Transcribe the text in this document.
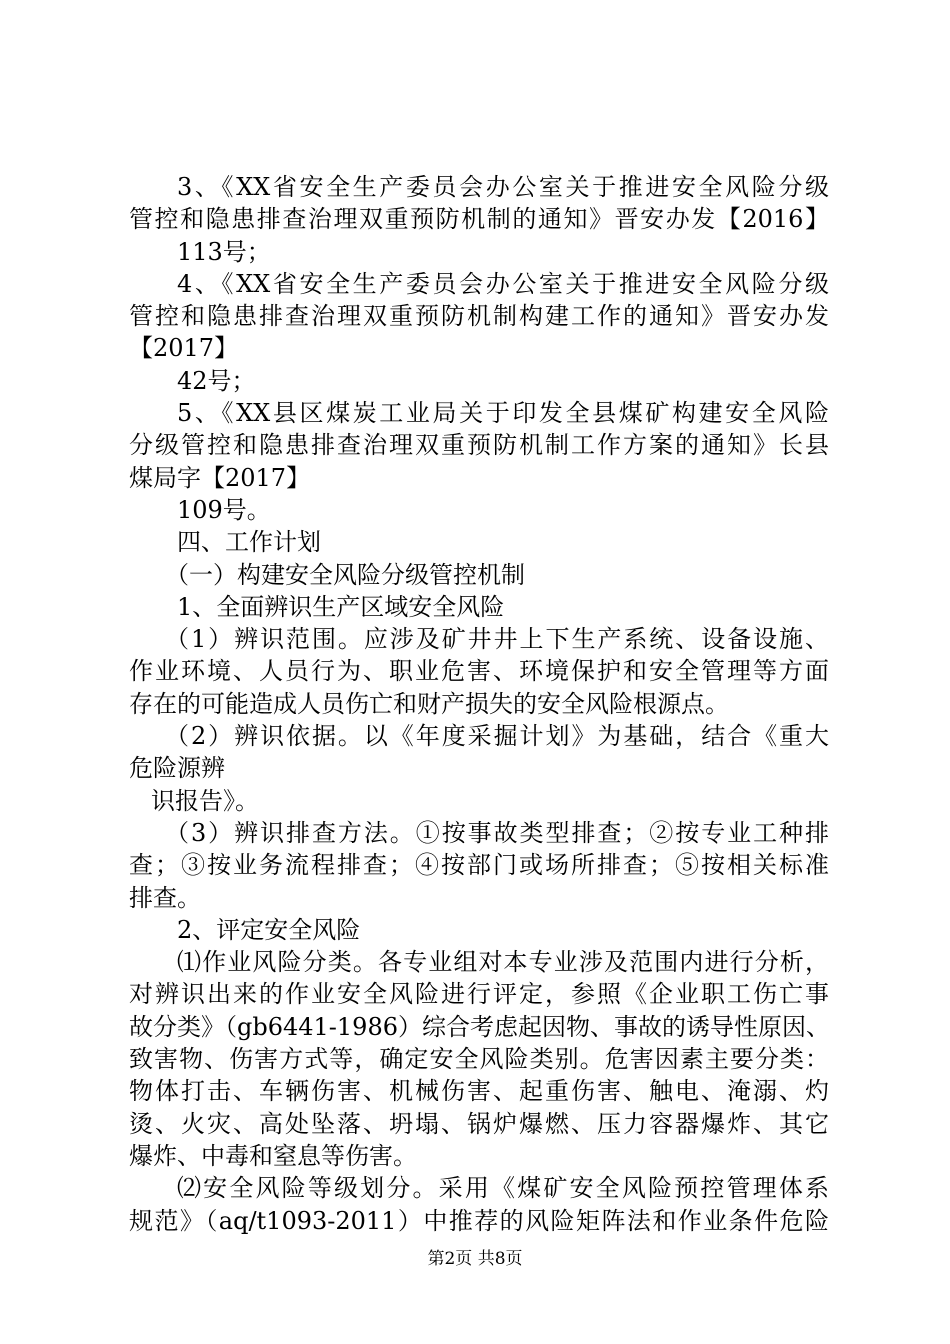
3、《XX省安全生产委员会办公室关于推进安全风险分级
管控和隐患排查治理双重预防机制的通知》晋安办发【2016】
113号；
4、《XX省安全生产委员会办公室关于推进安全风险分级
管控和隐患排查治理双重预防机制构建工作的通知》晋安办发
【2017】
42号；
5、《XX县区煤炭工业局关于印发全县煤矿构建安全风险
分级管控和隐患排查治理双重预防机制工作方案的通知》长县
煤局字【2017】
109号。
四、工作计划
（一）构建安全风险分级管控机制
1、全面辨识生产区域安全风险
（1）辨识范围。应涉及矿井井上下生产系统、设备设施、
作业环境、人员行为、职业危害、环境保护和安全管理等方面
存在的可能造成人员伤亡和财产损失的安全风险根源点。
（2）辨识依据。以《年度采掘计划》为基础，结合《重大
危险源辨
识报告》。
（3）辨识排查方法。①按事故类型排查；②按专业工种排
查；③按业务流程排查；④按部门或场所排查；⑤按相关标准
排查。
2、评定安全风险
⑴作业风险分类。各专业组对本专业涉及范围内进行分析，
对辨识出来的作业安全风险进行评定，参照《企业职工伤亡事
故分类》（gb6441-1986）综合考虑起因物、事故的诱导性原因、
致害物、伤害方式等，确定安全风险类别。危害因素主要分类：
物体打击、车辆伤害、机械伤害、起重伤害、触电、淹溺、灼
烫、火灾、高处坠落、坍塌、锅炉爆燃、压力容器爆炸、其它
爆炸、中毒和窒息等伤害。
⑵安全风险等级划分。采用《煤矿安全风险预控管理体系
规范》（aq/t1093-2011）中推荐的风险矩阵法和作业条件危险
第2页 共8页
